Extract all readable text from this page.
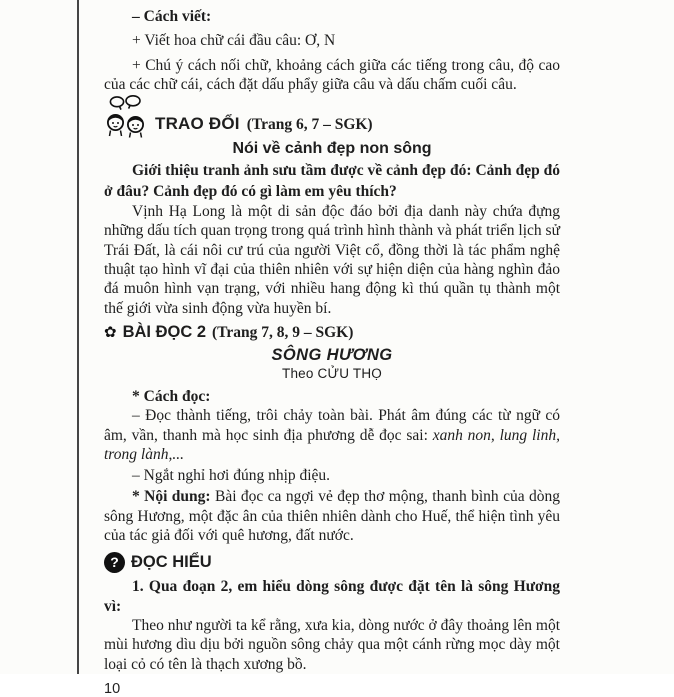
– Cách viết:

+ Viết hoa chữ cái đầu câu: Ơ, N

+ Chú ý cách nối chữ, khoảng cách giữa các tiếng trong câu, độ cao của các chữ cái, cách đặt dấu phẩy giữa câu và dấu chấm cuối câu.

TRAO ĐỔI (Trang 6, 7 – SGK)

Nói về cảnh đẹp non sông

Giới thiệu tranh ảnh sưu tầm được về cảnh đẹp đó: Cảnh đẹp đó ở đâu? Cảnh đẹp đó có gì làm em yêu thích?

Vịnh Hạ Long là một di sản độc đáo bởi địa danh này chứa đựng những dấu tích quan trọng trong quá trình hình thành và phát triển lịch sử Trái Đất, là cái nôi cư trú của người Việt cổ, đồng thời là tác phẩm nghệ thuật tạo hình vĩ đại của thiên nhiên với sự hiện diện của hàng nghìn đảo đá muôn hình vạn trạng, với nhiều hang động kì thú quần tụ thành một thế giới vừa sinh động vừa huyền bí.

✿ BÀI ĐỌC 2 (Trang 7, 8, 9 – SGK)

SÔNG HƯƠNG

Theo CỬU THỌ

* Cách đọc:

– Đọc thành tiếng, trôi chảy toàn bài. Phát âm đúng các từ ngữ có âm, vần, thanh mà học sinh địa phương dễ đọc sai: xanh non, lung linh, trong lành,...

– Ngắt nghỉ hơi đúng nhịp điệu.

* Nội dung: Bài đọc ca ngợi vẻ đẹp thơ mộng, thanh bình của dòng sông Hương, một đặc ân của thiên nhiên dành cho Huế, thể hiện tình yêu của tác giả đối với quê hương, đất nước.

? ĐỌC HIỂU

1. Qua đoạn 2, em hiểu dòng sông được đặt tên là sông Hương vì:

Theo như người ta kể rằng, xưa kia, dòng nước ở đây thoảng lên một mùi hương dìu dịu bởi nguồn sông chảy qua một cánh rừng mọc dày một loại cỏ có tên là thạch xương bồ.

10
